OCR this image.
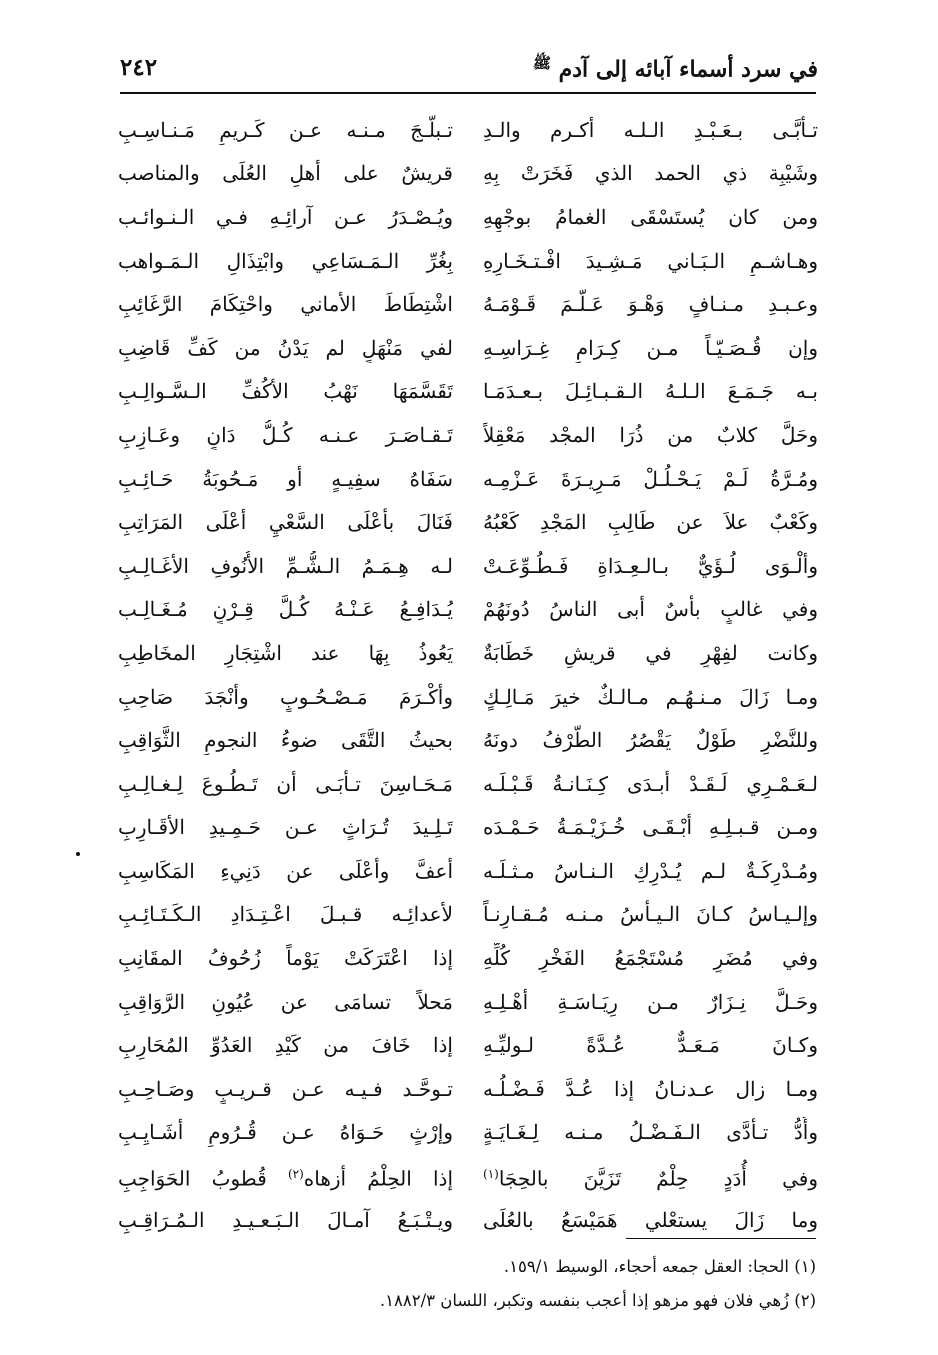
في سرد أسماء آبائه إلى آدم $^ﷺ$
٢٤٢
تـأبَّـى بـعَـبْـدِ الـلـه أكـرم والـدِ
تـبلَّـجَ مـنـه عـن كَـريمِ مَـنـاسِـبِ
وشَيْبِة ذي الحمد الذي فَخَرَتْ بِهِ
قريشٌ على أهلِ العُلَى والمناصب
ومن كان يُستَسْقَى الغمامُ بوجْهِهِ
ويُـصْـدَرُ عـن آرائِـهِ فـي الـنـوائـب
وهـاشـمِ الـبَـاني مَـشِـيدَ افْـتـخَـارِهِ
بِغُرِّ الـمَـسَاعِي وابْتِذَالِ الـمَـواهب
وعـبـدِ مـنـافٍ وَهْـوَ عَـلَّـمَ قَـوْمَـهُ
اشْتِطَاطَ الأماني واحْتِكَامَ الرَّغَائِبِ
وإن قُـصَـيّـاً مـن كِـرَامِ غِـرَاسِـهِ
لفي مَنْهَلٍ لم يَدْنُ من كَفِّ قَاضِبِ
بـه جَـمَـعَ الـلـهُ الـقـبـائِـلَ بـعـدَمَـا
تَقَسَّمَهَا نَهْبُ الأكُفِّ الـسَّـوالِـبِ
وحَلَّ كلابٌ من ذُرَا المجْد مَعْقِلاً
تَـقـاصَـرَ عـنـه كُـلُّ دَانٍ وعَـازِبِ
ومُـرَّةُ لَـمْ يَـحْـلُـلْ مَـرِيـرَةَ عَـزْمِـه
سَفَاهُ سفِيـهٍ أو مَـحُوبَةُ حَـائِـبِ
وكَعْبٌ علاَ عن طَالِبِ المَجْدِ كَعْبُهُ
فَنَالَ بأعْلَى السَّعْيِ أعْلَى المَرَاتِبِ
وألْـوَى لُـؤَيٌّ بـالـعِـدَاةِ فَـطُـوِّعَـتْ
لـه هِـمَـمُ الـشُّـمِّ الأُنُوفِ الأغَـالِـبِ
وفي غالبٍ بأْسٌ أبى الناسُ دُونَهُمْ
يُـدَافِـعُ عَـنْـهُ كُـلَّ قِـرْنٍ مُـغَـالِـب
وكانت لفِهْرٍ في قريشٍ خَطَابَةٌ
يَعُوذُ بِهَا عند اشْتِجَارِ المخَاطِبِ
ومـا زَالَ مـنـهُـم مـالـكٌ خيرَ مَـالِـكٍ
وأكْـرَمَ مَـصْـحُـوبٍ وأنْجَدَ صَاحِبِ
وللنَّضْرِ طَوْلٌ يَقْصُرُ الطَّرْفُ دونَهُ
بحيثُ التَّقَى ضوءُ النجومِ الثَّوَاقِبِ
لـعَـمْـرِي لَـقَـدْ أبـدَى كِـنَـانـةُ قَـبْـلَـه
مَـحَـاسِنَ تـأْبَـى أن تَـطُـوعَ لِـغـالِـبِ
ومـن قـبـلِـهِ أبْـقَـى خُـزَيْـمَـةُ حَـمْـدَه
تَـلِـيدَ تُـرَاثٍ عـن حَـمِـيدِ الأقَـارِبِ
ومُـدْرِكَـةٌ لـم يُـدْرِكِ الـنـاسُ مـثـلَـه
أعفَّ وأعْلَى عن دَنِيءِ المَكَاسِبِ
وإلـيـاسُ كـانَ الـيـأْسُ مـنـه مُـقـارِنـاً
لأعدائِـه قـبـلَ اعْـتِـدَادِ الـكَـتَـائِـبِ
وفي مُضَرٍ مُسْتَجْمَعُ الفَخْرِ كُلِّهِ
إذا اعْتَرَكَتْ يَوْماً زُحُوفُ المقَانِبِ
وحَـلَّ نِـزَارٌ مـن رِيَـاسَـةِ أهْـلِـهِ
مَحلاً تسامَى عن عُيُونِ الرَّوَاقِبِ
وكـانَ مَـعَـدٌّ عُـدَّةً لـوليِّـهِ
إذا خَافَ من كَيْدِ العَدُوِّ المُحَارِبِ
ومـا زال عـدنـانُ إذا عُـدَّ فَـضْـلُـه
تـوحَّـد فـيـه عـن قـريـبٍ وصَـاحِـبِ
وأُدُّ تـأدَّى الـفَـضْـلُ مـنـه لِـغَـايَـةٍ
وإرْثٍ حَـوَاهُ عـن قُـرُومٍ أشَـايِـبِ
وفي أُدَدٍ حِلْمٌ تَزَيَّنَ بالحِجَا$^{(١)}$
إذا الحِلْمُ أزهاه$^{(٢)}$ قُطوبُ الحَوَاجِبِ
وما زَالَ يستعْلي هَمَيْسَعُ بالعُلَى
ويـتْـبَـعُ آمـالَ الـبَـعـيـدِ الـمُـرَاقِـبِ
(١) الحجا: العقل جمعه أحجاء، الوسيط ١٥٩/١.
(٢) زُهي فلان فهو مزهو إذا أعجب بنفسه وتكبر، اللسان ١٨٨٢/٣.
